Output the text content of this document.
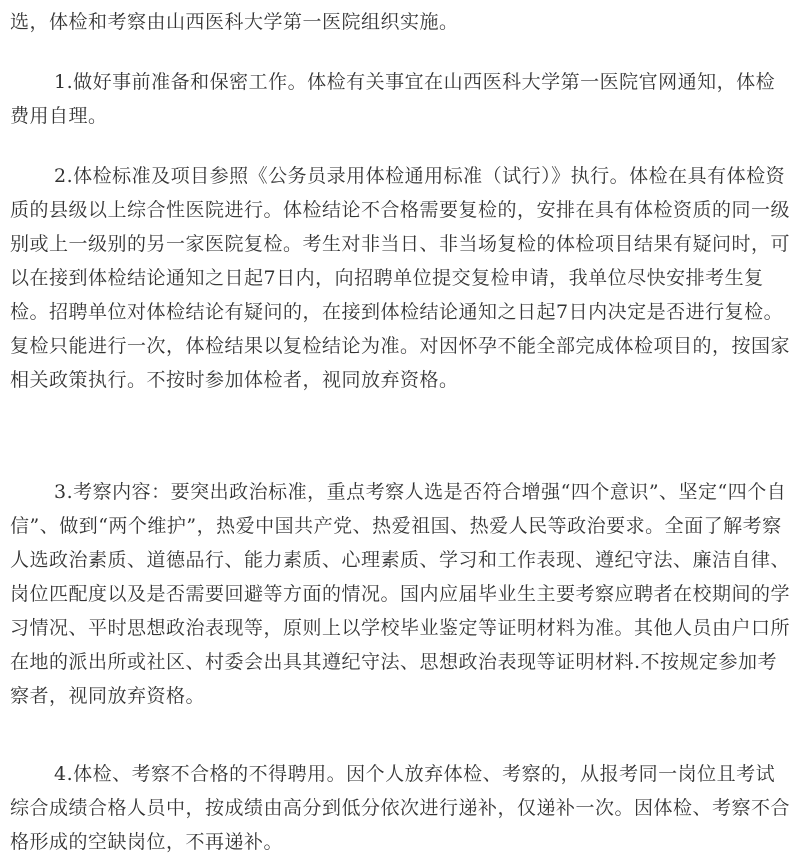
选，体检和考察由山西医科大学第一医院组织实施。

1.做好事前准备和保密工作。体检有关事宜在山西医科大学第一医院官网通知，体检费用自理。

2.体检标准及项目参照《公务员录用体检通用标准（试行）》执行。体检在具有体检资质的县级以上综合性医院进行。体检结论不合格需要复检的，安排在具有体检资质的同一级别或上一级别的另一家医院复检。考生对非当日、非当场复检的体检项目结果有疑问时，可以在接到体检结论通知之日起7日内，向招聘单位提交复检申请，我单位尽快安排考生复检。招聘单位对体检结论有疑问的，在接到体检结论通知之日起7日内决定是否进行复检。复检只能进行一次，体检结果以复检结论为准。对因怀孕不能全部完成体检项目的，按国家相关政策执行。不按时参加体检者，视同放弃资格。

3.考察内容：要突出政治标准，重点考察人选是否符合增强“四个意识”、坚定“四个自信”、做到“两个维护”，热爱中国共产党、热爱祖国、热爱人民等政治要求。全面了解考察人选政治素质、道德品行、能力素质、心理素质、学习和工作表现、遵纪守法、廉洁自律、岗位匹配度以及是否需要回避等方面的情况。国内应届毕业生主要考察应聘者在校期间的学习情况、平时思想政治表现等，原则上以学校毕业鉴定等证明材料为准。其他人员由户口所在地的派出所或社区、村委会出具其遵纪守法、思想政治表现等证明材料.不按规定参加考察者，视同放弃资格。

4.体检、考察不合格的不得聘用。因个人放弃体检、考察的，从报考同一岗位且考试综合成绩合格人员中，按成绩由高分到低分依次进行递补，仅递补一次。因体检、考察不合格形成的空缺岗位，不再递补。
